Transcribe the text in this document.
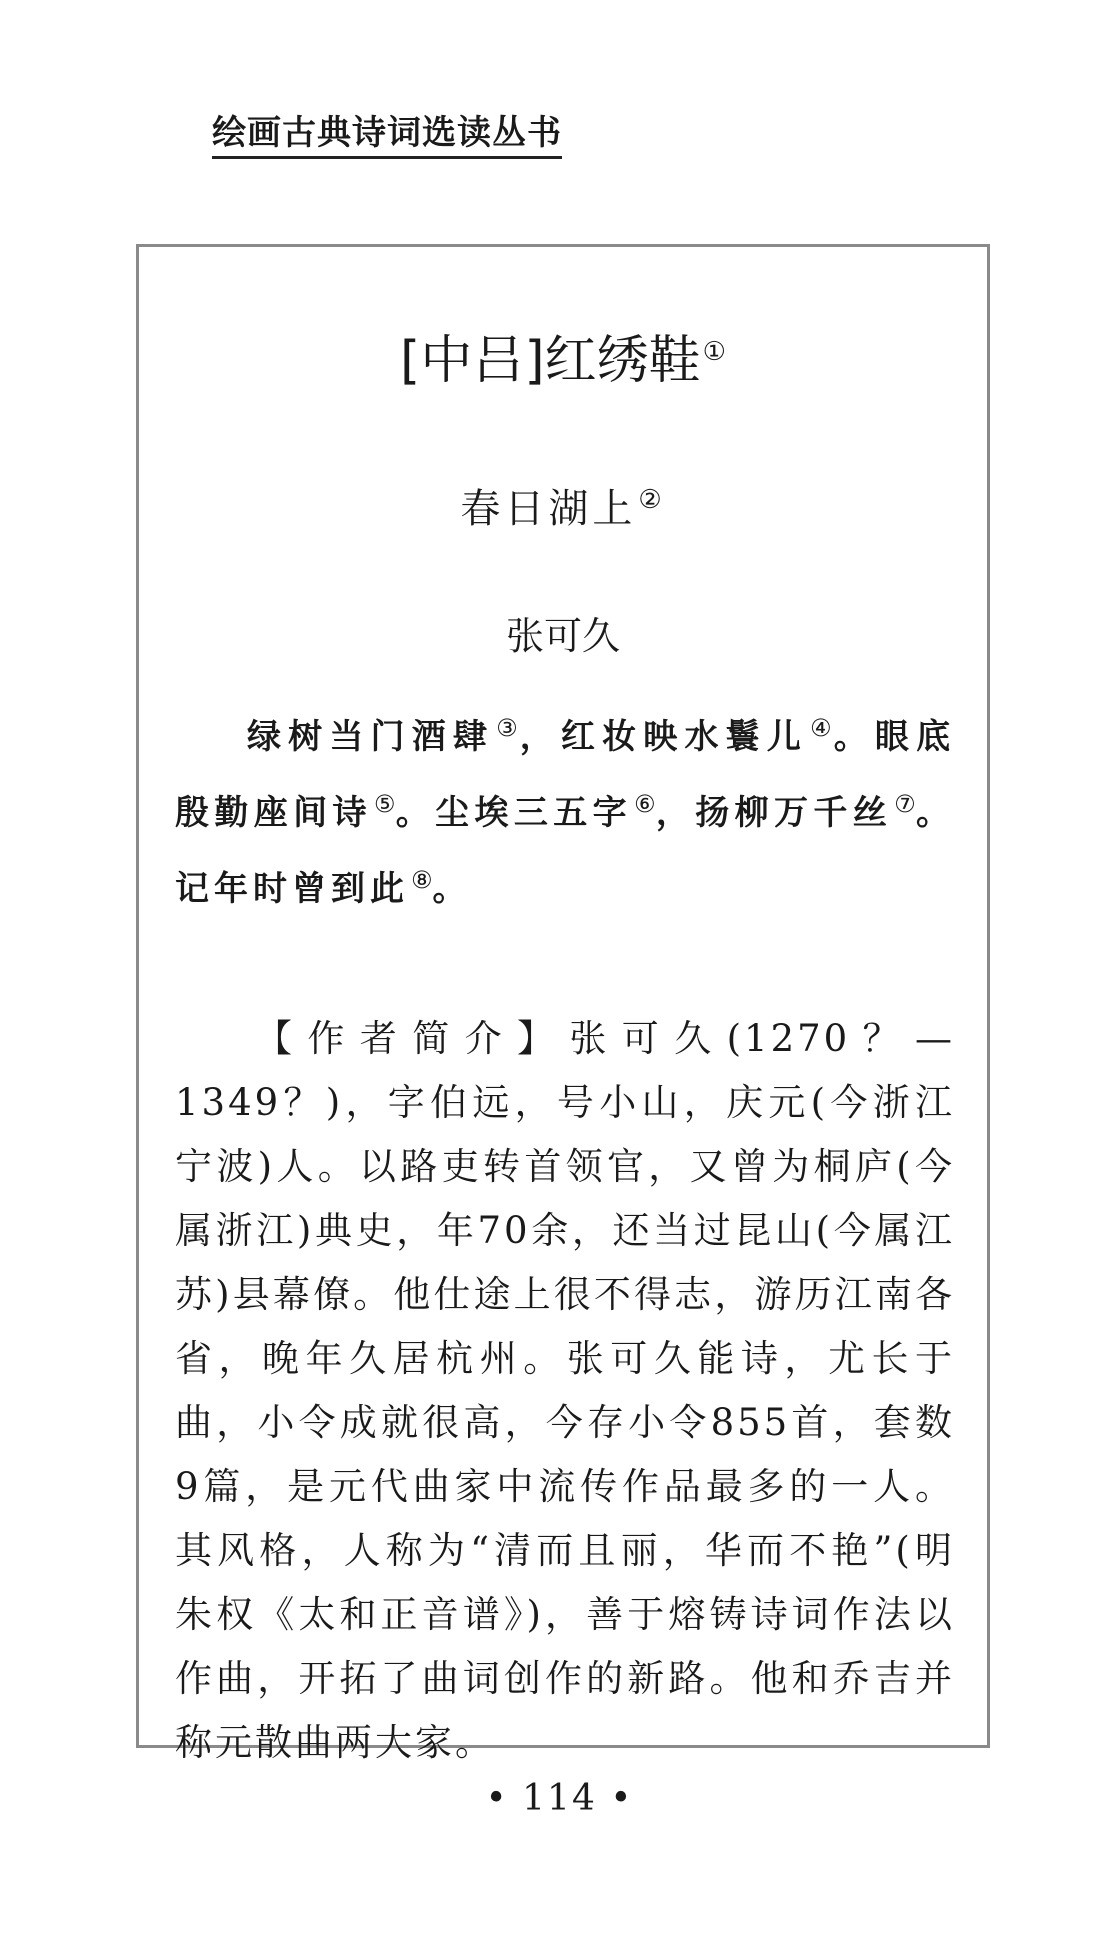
绘画古典诗词选读丛书
[中吕]红绣鞋①
春日湖上②
张可久
绿树当门酒肆③，红妆映水鬟儿④。眼底殷勤座间诗⑤。尘埃三五字⑥，扬柳万千丝⑦。记年时曾到此⑧。
【作者简介】张可久(1270？—1349？)，字伯远，号小山，庆元(今浙江宁波)人。以路吏转首领官，又曾为桐庐(今属浙江)典史，年70余，还当过昆山(今属江苏)县幕僚。他仕途上很不得志，游历江南各省，晚年久居杭州。张可久能诗，尤长于曲，小令成就很高，今存小令855首，套数9篇，是元代曲家中流传作品最多的一人。其风格，人称为“清而且丽，华而不艳”(明朱权《太和正音谱》)，善于熔铸诗词作法以作曲，开拓了曲词创作的新路。他和乔吉并称元散曲两大家。
• 114 •
